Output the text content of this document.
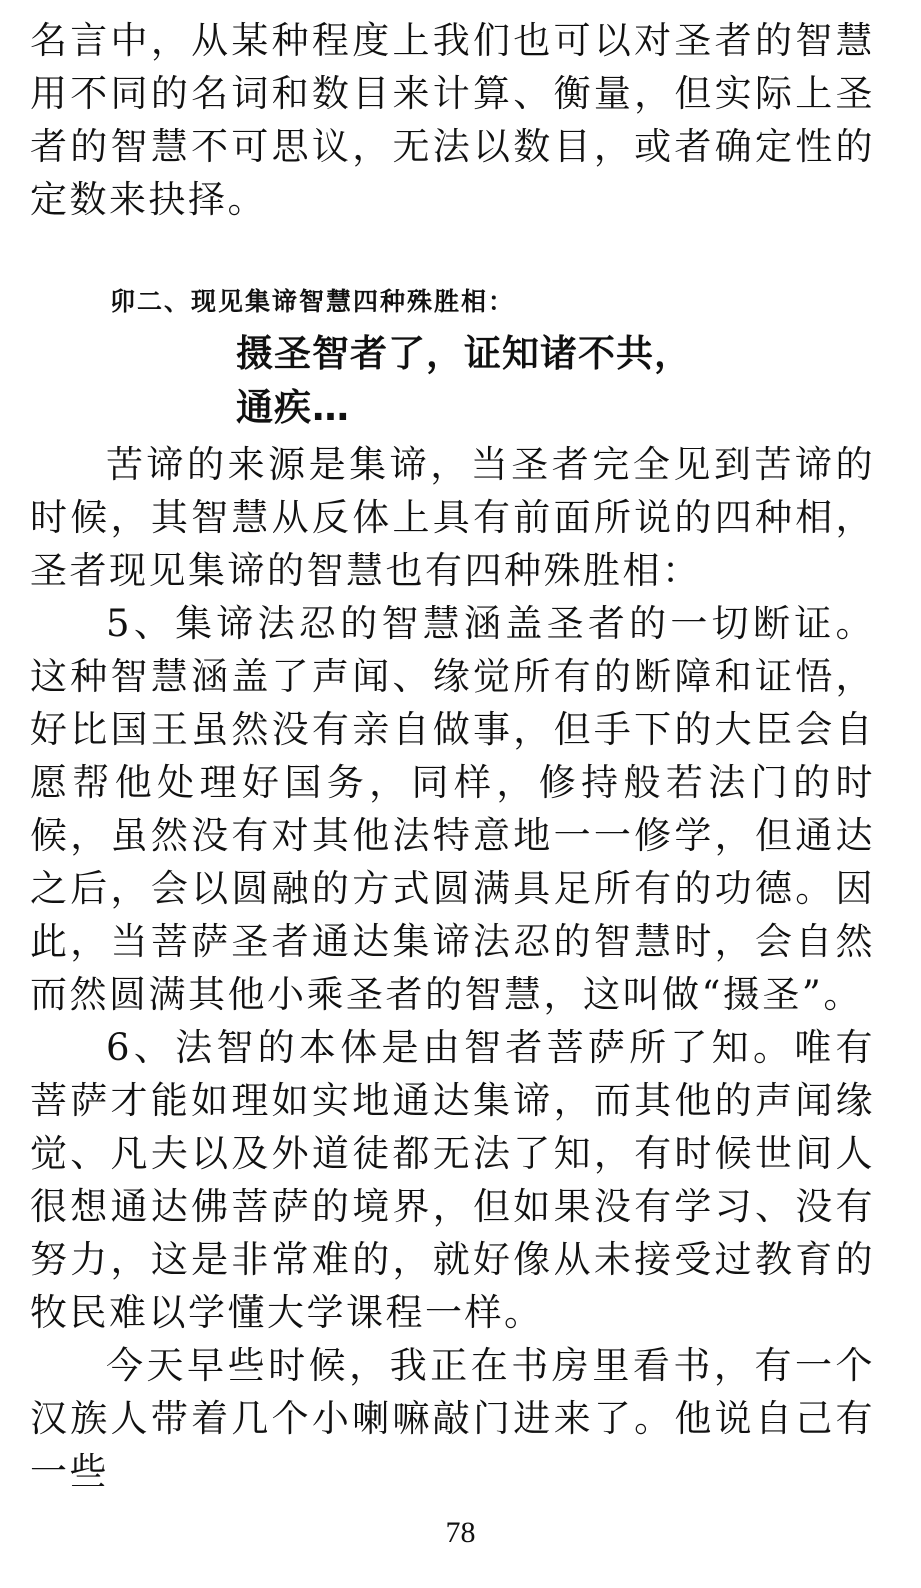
名言中，从某种程度上我们也可以对圣者的智慧用不同的名词和数目来计算、衡量，但实际上圣者的智慧不可思议，无法以数目，或者确定性的定数来抉择。

卯二、现见集谛智慧四种殊胜相：

摄圣智者了，证知诸不共，

通疾…

苦谛的来源是集谛，当圣者完全见到苦谛的时候，其智慧从反体上具有前面所说的四种相，圣者现见集谛的智慧也有四种殊胜相：

5、集谛法忍的智慧涵盖圣者的一切断证。这种智慧涵盖了声闻、缘觉所有的断障和证悟，好比国王虽然没有亲自做事，但手下的大臣会自愿帮他处理好国务，同样，修持般若法门的时候，虽然没有对其他法特意地一一修学，但通达之后，会以圆融的方式圆满具足所有的功德。因此，当菩萨圣者通达集谛法忍的智慧时，会自然而然圆满其他小乘圣者的智慧，这叫做“摄圣”。

6、法智的本体是由智者菩萨所了知。唯有菩萨才能如理如实地通达集谛，而其他的声闻缘觉、凡夫以及外道徒都无法了知，有时候世间人很想通达佛菩萨的境界，但如果没有学习、没有努力，这是非常难的，就好像从未接受过教育的牧民难以学懂大学课程一样。

今天早些时候，我正在书房里看书，有一个汉族人带着几个小喇嘛敲门进来了。他说自己有一些

78
